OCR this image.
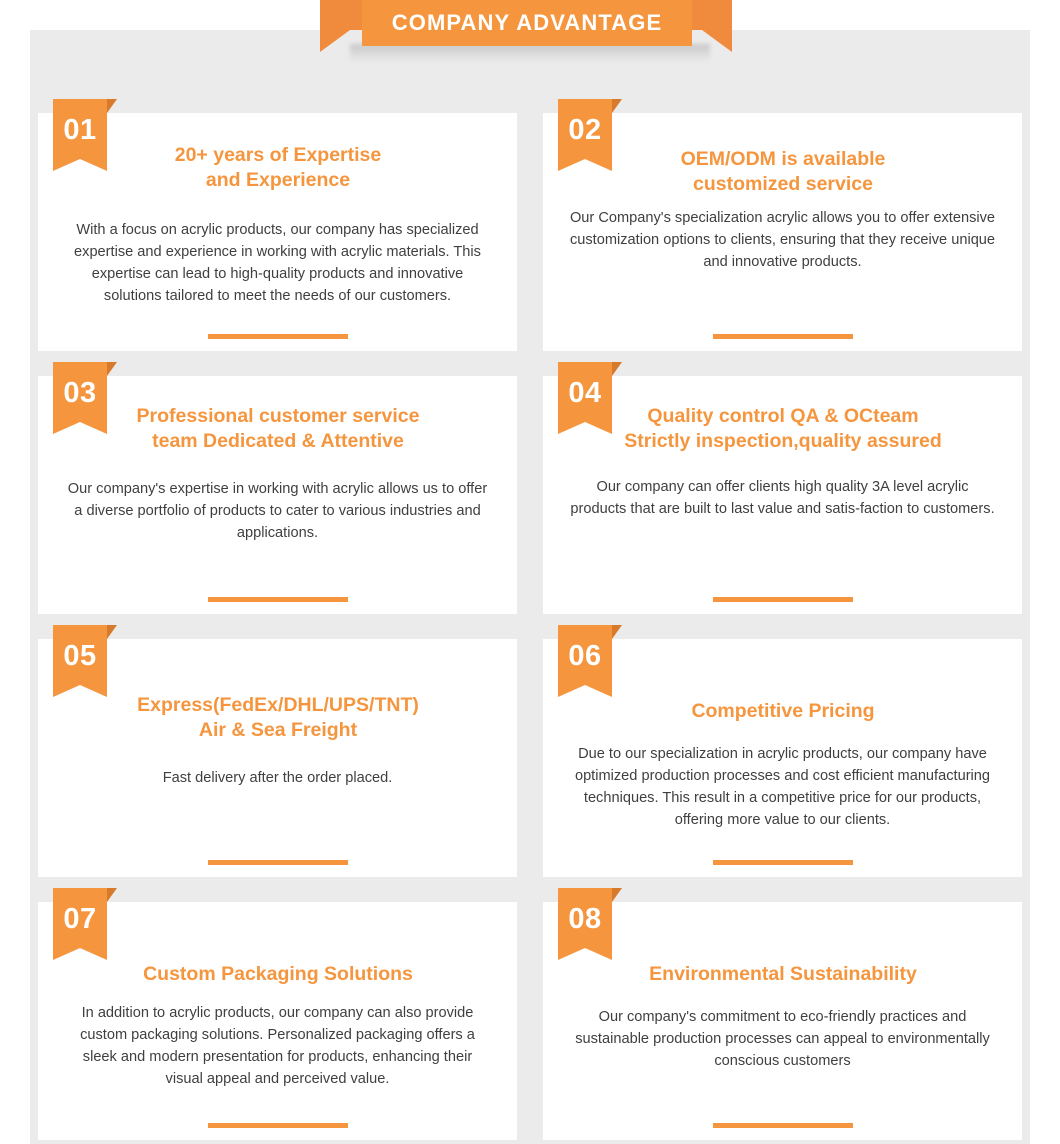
COMPANY ADVANTAGE
01
20+ years of Expertise
and Experience
With a focus on acrylic products, our company has specialized expertise and experience in working with acrylic materials. This expertise can lead to high-quality products and innovative solutions tailored to meet the needs of our customers.
02
OEM/ODM is available
customized service
Our Company's specialization acrylic allows you to offer extensive customization options to clients, ensuring that they receive unique and innovative products.
03
Professional customer service
team Dedicated & Attentive
Our company's expertise in working with acrylic allows us to offer a diverse portfolio of products to cater to various industries and applications.
04
Quality control QA & OCteam
Strictly inspection,quality assured
Our company can offer clients high quality 3A level acrylic products that are built to last value and satis-faction to customers.
05
Express(FedEx/DHL/UPS/TNT)
Air & Sea Freight
Fast delivery after the order placed.
06
Competitive Pricing
Due to our specialization in acrylic products, our company have optimized production processes and cost efficient manufacturing techniques. This result in a competitive price for our products, offering more value to our clients.
07
Custom Packaging Solutions
In addition to acrylic products, our company can also provide custom packaging solutions. Personalized packaging offers a sleek and modern presentation for products, enhancing their visual appeal and perceived value.
08
Environmental Sustainability
Our company's commitment to eco-friendly practices and sustainable production processes can appeal to environmentally conscious customers
